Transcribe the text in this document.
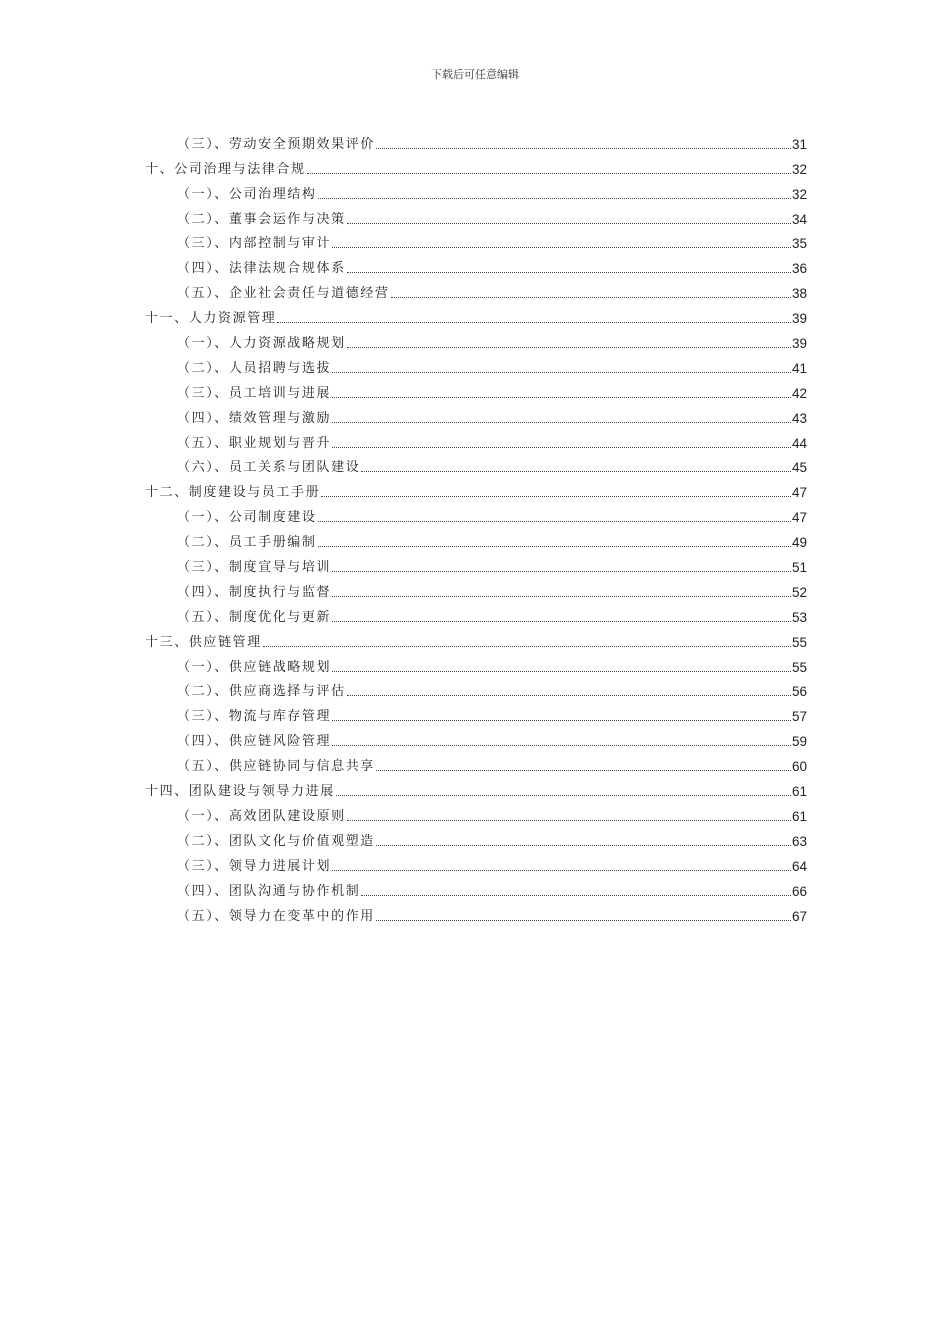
下载后可任意编辑
（三）、劳动安全预期效果评价	31
十、公司治理与法律合规	32
（一）、公司治理结构	32
（二）、董事会运作与决策	34
（三）、内部控制与审计	35
（四）、法律法规合规体系	36
（五）、企业社会责任与道德经营	38
十一、人力资源管理	39
（一）、人力资源战略规划	39
（二）、人员招聘与选拔	41
（三）、员工培训与进展	42
（四）、绩效管理与激励	43
（五）、职业规划与晋升	44
（六）、员工关系与团队建设	45
十二、制度建设与员工手册	47
（一）、公司制度建设	47
（二）、员工手册编制	49
（三）、制度宣导与培训	51
（四）、制度执行与监督	52
（五）、制度优化与更新	53
十三、供应链管理	55
（一）、供应链战略规划	55
（二）、供应商选择与评估	56
（三）、物流与库存管理	57
（四）、供应链风险管理	59
（五）、供应链协同与信息共享	60
十四、团队建设与领导力进展	61
（一）、高效团队建设原则	61
（二）、团队文化与价值观塑造	63
（三）、领导力进展计划	64
（四）、团队沟通与协作机制	66
（五）、领导力在变革中的作用	67
